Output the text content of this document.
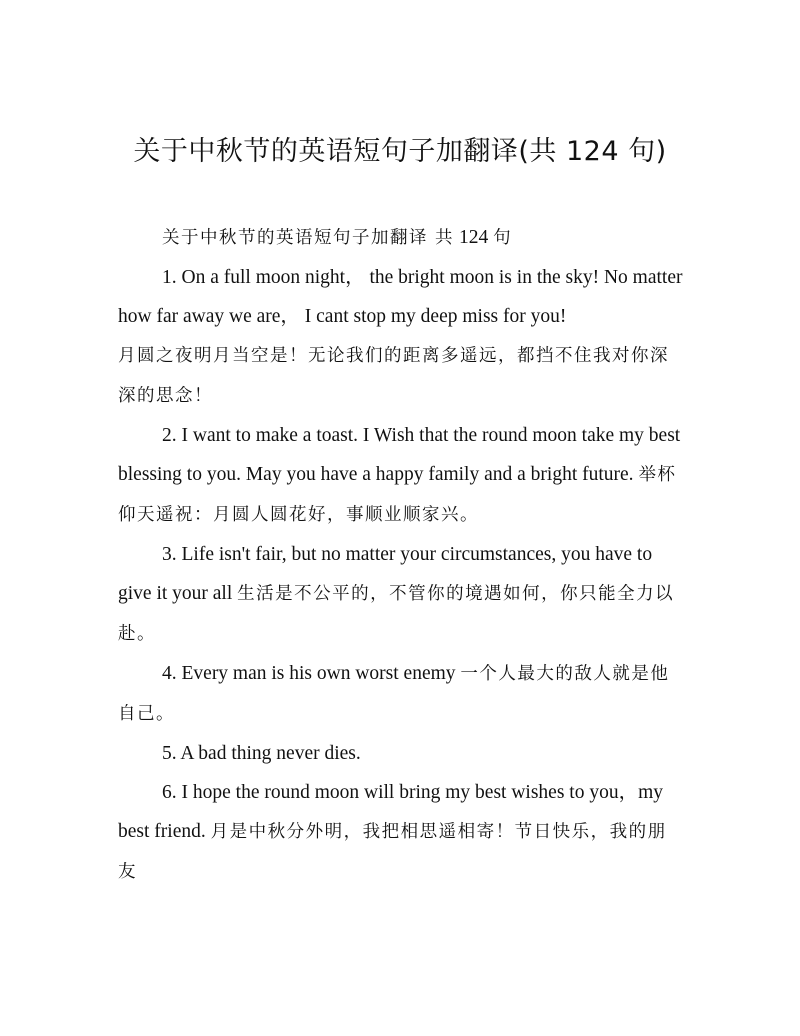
关于中秋节的英语短句子加翻译(共 124 句)

关于中秋节的英语短句子加翻译 共 124 句

1. On a full moon night， the bright moon is in the sky! No matter how far away we are， I cant stop my deep miss for you!
月圆之夜明月当空是！无论我们的距离多遥远，都挡不住我对你深深的思念！

2. I want to make a toast. I Wish that the round moon take my best blessing to you. May you have a happy family and a bright future. 举杯仰天遥祝：月圆人圆花好，事顺业顺家兴。

3. Life isn't fair, but no matter your circumstances, you have to give it your all 生活是不公平的，不管你的境遇如何，你只能全力以赴。

4. Every man is his own worst enemy 一个人最大的敌人就是他自己。

5. A bad thing never dies.

6. I hope the round moon will bring my best wishes to you，my best friend. 月是中秋分外明，我把相思遥相寄！节日快乐，我的朋友
